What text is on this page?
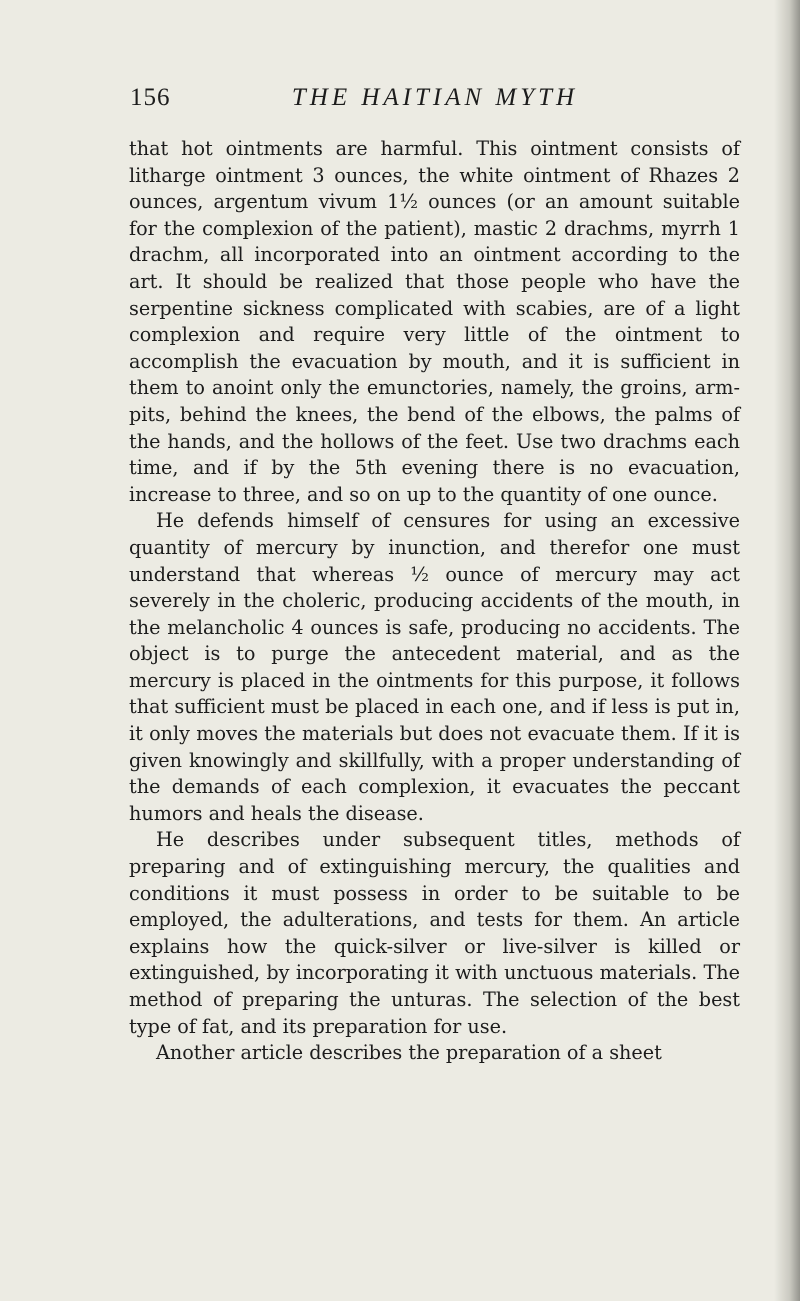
156	THE HAITIAN MYTH

that hot ointments are harmful. This ointment consists of litharge ointment 3 ounces, the white ointment of Rhazes 2 ounces, argentum vivum 1½ ounces (or an amount suitable for the complexion of the patient), mastic 2 drachms, myrrh 1 drachm, all incorporated into an ointment according to the art. It should be realized that those people who have the serpentine sickness complicated with scabies, are of a light complexion and require very little of the ointment to accomplish the evacuation by mouth, and it is sufficient in them to anoint only the emunctories, namely, the groins, arm-pits, behind the knees, the bend of the elbows, the palms of the hands, and the hollows of the feet. Use two drachms each time, and if by the 5th evening there is no evacuation, increase to three, and so on up to the quantity of one ounce.

He defends himself of censures for using an excessive quantity of mercury by inunction, and therefor one must understand that whereas ½ ounce of mercury may act severely in the choleric, producing accidents of the mouth, in the melancholic 4 ounces is safe, producing no accidents. The object is to purge the antecedent material, and as the mercury is placed in the ointments for this purpose, it follows that sufficient must be placed in each one, and if less is put in, it only moves the materials but does not evacuate them. If it is given knowingly and skillfully, with a proper understanding of the demands of each complexion, it evacuates the peccant humors and heals the disease.

He describes under subsequent titles, methods of preparing and of extinguishing mercury, the qualities and conditions it must possess in order to be suitable to be employed, the adulterations, and tests for them. An article explains how the quick-silver or live-silver is killed or extinguished, by incorporating it with unctuous materials. The method of preparing the unturas. The selection of the best type of fat, and its preparation for use.

Another article describes the preparation of a sheet
